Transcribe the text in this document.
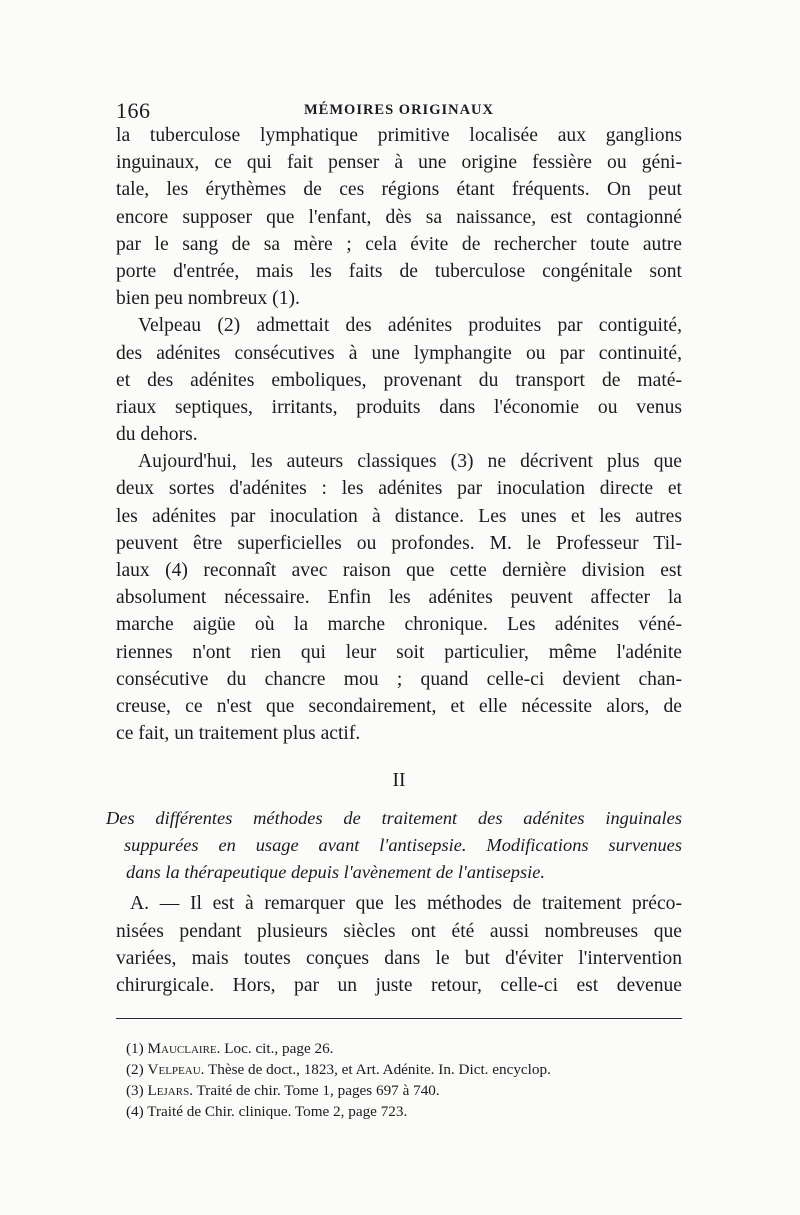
166	MÉMOIRES ORIGINAUX
la tuberculose lymphatique primitive localisée aux ganglions
inguinaux, ce qui fait penser à une origine fessière ou géni-
tale, les érythèmes de ces régions étant fréquents. On peut
encore supposer que l'enfant, dès sa naissance, est contagionné
par le sang de sa mère ; cela évite de rechercher toute autre
porte d'entrée, mais les faits de tuberculose congénitale sont
bien peu nombreux (1).
Velpeau (2) admettait des adénites produites par contiguité,
des adénites consécutives à une lymphangite ou par continuité,
et des adénites emboliques, provenant du transport de maté-
riaux septiques, irritants, produits dans l'économie ou venus
du dehors.
Aujourd'hui, les auteurs classiques (3) ne décrivent plus que
deux sortes d'adénites : les adénites par inoculation directe et
les adénites par inoculation à distance. Les unes et les autres
peuvent être superficielles ou profondes. M. le Professeur Til-
laux (4) reconnaît avec raison que cette dernière division est
absolument nécessaire. Enfin les adénites peuvent affecter la
marche aigüe où la marche chronique. Les adénites véné-
riennes n'ont rien qui leur soit particulier, même l'adénite
consécutive du chancre mou ; quand celle-ci devient chan-
creuse, ce n'est que secondairement, et elle nécessite alors, de
ce fait, un traitement plus actif.
II
Des différentes méthodes de traitement des adénites inguinales
suppurées en usage avant l'antisepsie. Modifications survenues
dans la thérapeutique depuis l'avènement de l'antisepsie.
A. — Il est à remarquer que les méthodes de traitement préco-
nisées pendant plusieurs siècles ont été aussi nombreuses que
variées, mais toutes conçues dans le but d'éviter l'intervention
chirurgicale. Hors, par un juste retour, celle-ci est devenue
(1) Mauclaire. Loc. cit., page 26.
(2) Velpeau. Thèse de doct., 1823, et Art. Adénite. In. Dict. encyclop.
(3) Lejars. Traité de chir. Tome 1, pages 697 à 740.
(4) Traité de Chir. clinique. Tome 2, page 723.
